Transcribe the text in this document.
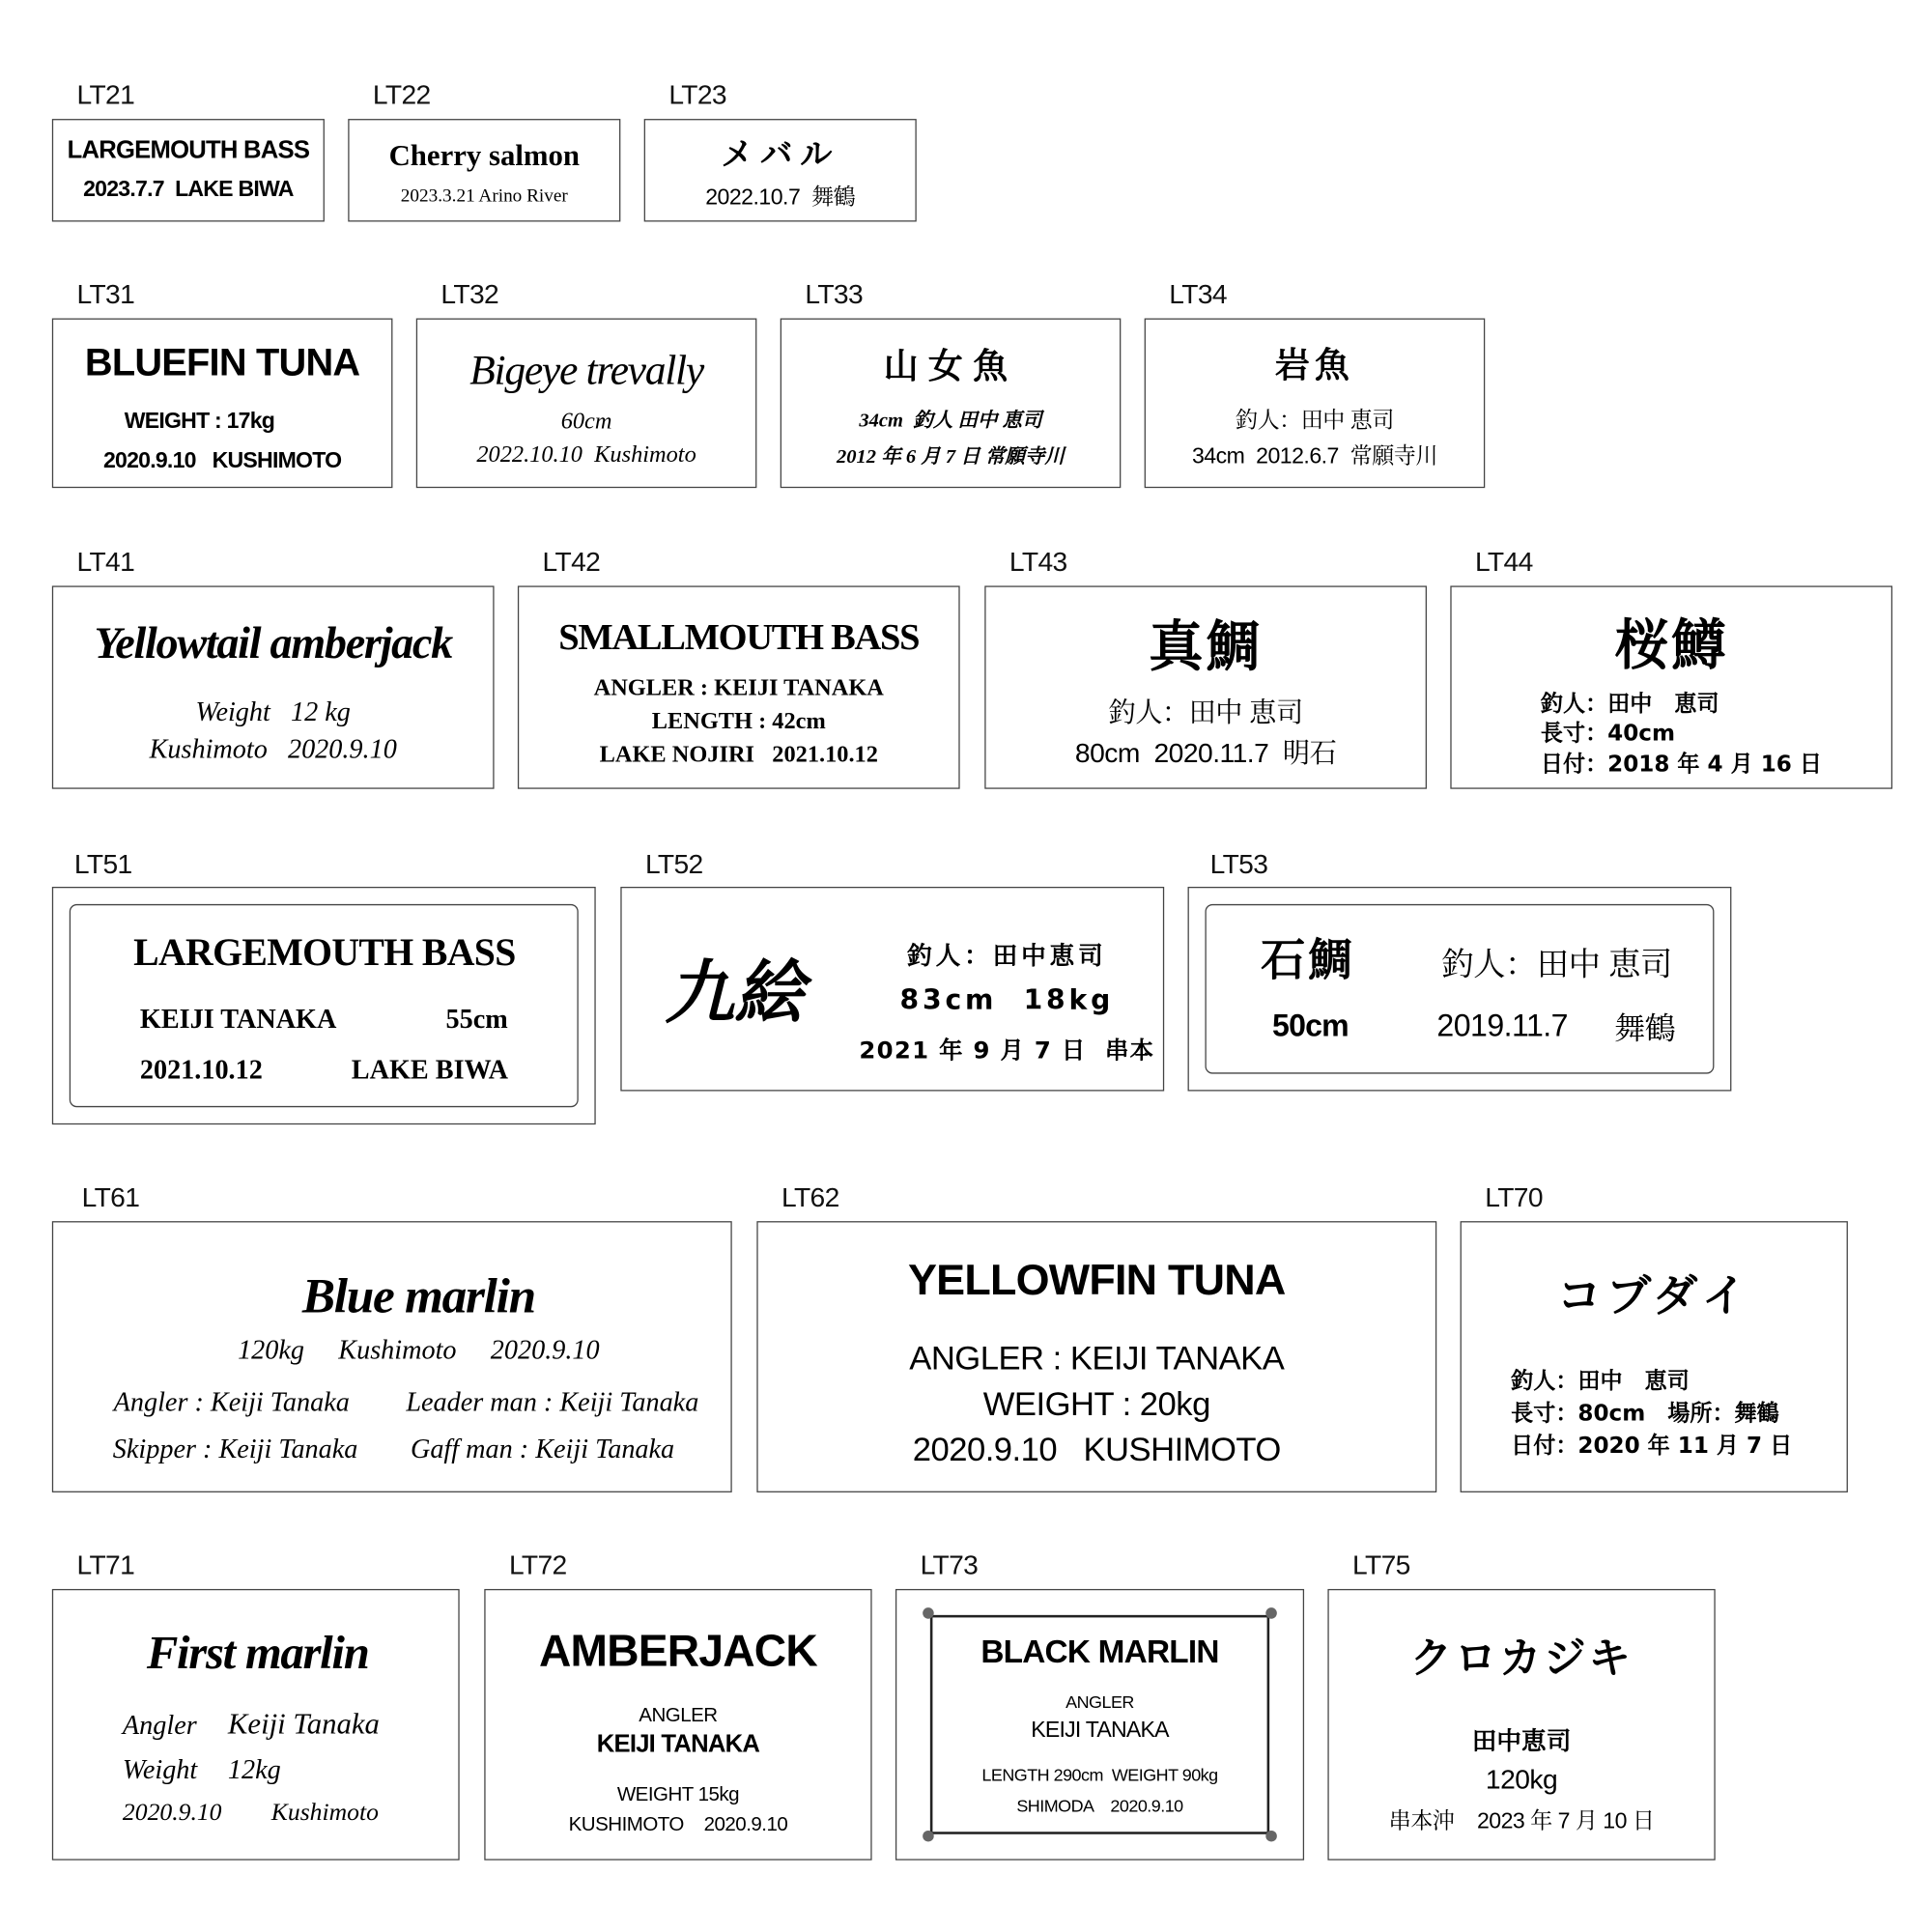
LT21
LARGEMOUTH BASS
2023.7.7  LAKE BIWA
LT22
Cherry salmon
2023.3.21 Arino River
LT23
メバル
2022.10.7  舞鶴
LT31
BLUEFIN TUNA
WEIGHT : 17kg
2020.9.10   KUSHIMOTO
LT32
Bigeye trevally
60cm
2022.10.10  Kushimoto
LT33
山女魚
34cm  釣人 田中 恵司
2012 年 6 月 7 日 常願寺川
LT34
岩魚
釣人：田中 恵司
34cm  2012.6.7  常願寺川
LT41
Yellowtail amberjack
Weight   12 kg
Kushimoto   2020.9.10
LT42
SMALLMOUTH BASS
ANGLER : KEIJI TANAKA
LENGTH : 42cm
LAKE NOJIRI   2021.10.12
LT43
真鯛
釣人：田中 恵司
80cm  2020.11.7  明石
LT44
桜鱒
釣人：田中　恵司
長寸：40cm
日付：2018 年 4 月 16 日
LT51
LARGEMOUTH BASS
KEIJI TANAKA	55cm
2021.10.12	LAKE BIWA
LT52
九絵	釣人：田中恵司
83cm  18kg
2021 年 9 月 7 日  串本
LT53
石鯛	釣人：田中 恵司
50cm	2019.11.7 舞鶴
LT61
Blue marlin
120kg     Kushimoto     2020.9.10
Angler : Keiji Tanaka	Leader man : Keiji Tanaka
Skipper : Keiji Tanaka Gaff man : Keiji Tanaka
LT62
YELLOWFIN TUNA
ANGLER : KEIJI TANAKA
WEIGHT : 20kg
2020.9.10   KUSHIMOTO
LT70
コブダイ
釣人：田中　恵司
長寸：80cm　場所：舞鶴
日付：2020 年 11 月 7 日
LT71
First marlin
Angler Keiji Tanaka
Weight 12kg
2020.9.10	Kushimoto
LT72
AMBERJACK
ANGLER
KEIJI TANAKA
WEIGHT 15kg
KUSHIMOTO    2020.9.10
LT73
BLACK MARLIN
ANGLER
KEIJI TANAKA
LENGTH 290cm  WEIGHT 90kg
SHIMODA    2020.9.10
LT75
クロカジキ
田中恵司
120kg
串本沖    2023 年 7 月 10 日
